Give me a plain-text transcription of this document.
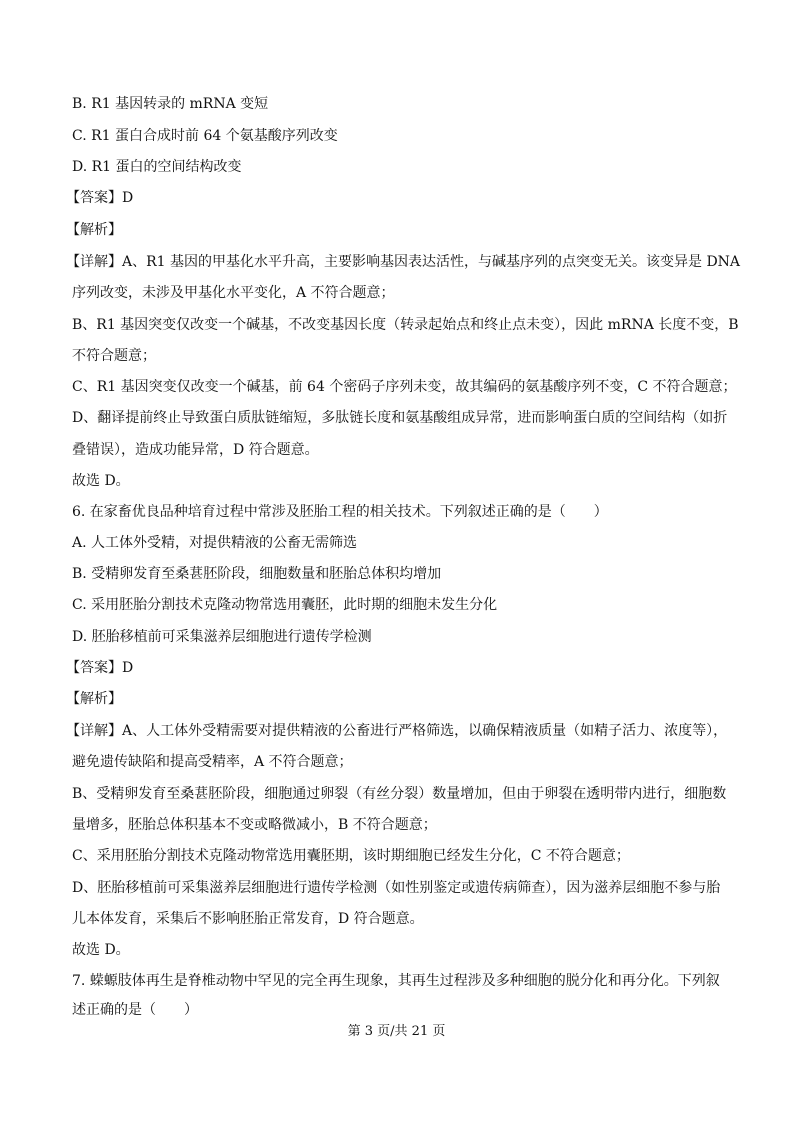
B. R1 基因转录的 mRNA 变短
C. R1 蛋白合成时前 64 个氨基酸序列改变
D. R1 蛋白的空间结构改变
【答案】D
【解析】
【详解】A、R1 基因的甲基化水平升高，主要影响基因表达活性，与碱基序列的点突变无关。该变异是 DNA
序列改变，未涉及甲基化水平变化，A 不符合题意；
B、R1 基因突变仅改变一个碱基，不改变基因长度（转录起始点和终止点未变），因此 mRNA 长度不变，B
不符合题意；
C、R1 基因突变仅改变一个碱基，前 64 个密码子序列未变，故其编码的氨基酸序列不变，C 不符合题意；
D、翻译提前终止导致蛋白质肽链缩短，多肽链长度和氨基酸组成异常，进而影响蛋白质的空间结构（如折
叠错误），造成功能异常，D 符合题意。
故选 D。
6. 在家畜优良品种培育过程中常涉及胚胎工程的相关技术。下列叙述正确的是（　　）
A. 人工体外受精，对提供精液的公畜无需筛选
B. 受精卵发育至桑葚胚阶段，细胞数量和胚胎总体积均增加
C. 采用胚胎分割技术克隆动物常选用囊胚，此时期的细胞未发生分化
D. 胚胎移植前可采集滋养层细胞进行遗传学检测
【答案】D
【解析】
【详解】A、人工体外受精需要对提供精液的公畜进行严格筛选，以确保精液质量（如精子活力、浓度等），
避免遗传缺陷和提高受精率，A 不符合题意；
B、受精卵发育至桑葚胚阶段，细胞通过卵裂（有丝分裂）数量增加，但由于卵裂在透明带内进行，细胞数
量增多，胚胎总体积基本不变或略微减小，B 不符合题意；
C、采用胚胎分割技术克隆动物常选用囊胚期，该时期细胞已经发生分化，C 不符合题意；
D、胚胎移植前可采集滋养层细胞进行遗传学检测（如性别鉴定或遗传病筛查），因为滋养层细胞不参与胎
儿本体发育，采集后不影响胚胎正常发育，D 符合题意。
故选 D。
7. 蝾螈肢体再生是脊椎动物中罕见的完全再生现象，其再生过程涉及多种细胞的脱分化和再分化。下列叙
述正确的是（　　）
第 3 页/共 21 页
